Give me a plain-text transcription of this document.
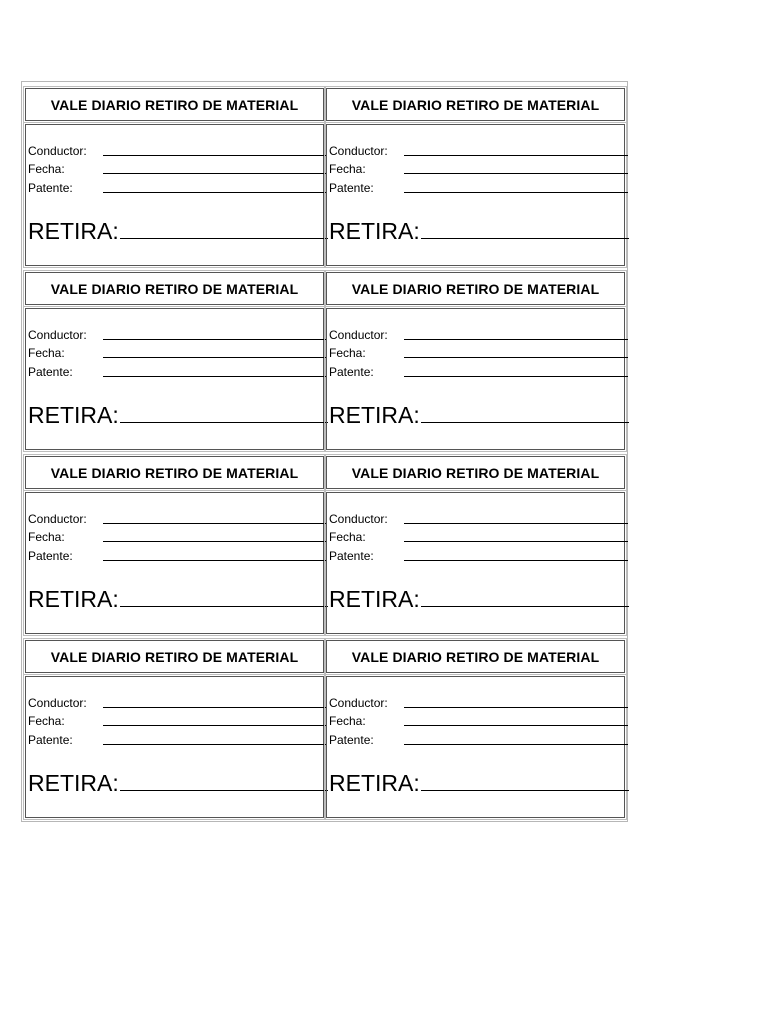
VALE DIARIO RETIRO DE MATERIAL
Conductor:
Fecha:
Patente:
RETIRA:
VALE DIARIO RETIRO DE MATERIAL
Conductor:
Fecha:
Patente:
RETIRA:
VALE DIARIO RETIRO DE MATERIAL
Conductor:
Fecha:
Patente:
RETIRA:
VALE DIARIO RETIRO DE MATERIAL
Conductor:
Fecha:
Patente:
RETIRA:
VALE DIARIO RETIRO DE MATERIAL
Conductor:
Fecha:
Patente:
RETIRA:
VALE DIARIO RETIRO DE MATERIAL
Conductor:
Fecha:
Patente:
RETIRA:
VALE DIARIO RETIRO DE MATERIAL
Conductor:
Fecha:
Patente:
RETIRA:
VALE DIARIO RETIRO DE MATERIAL
Conductor:
Fecha:
Patente:
RETIRA:
